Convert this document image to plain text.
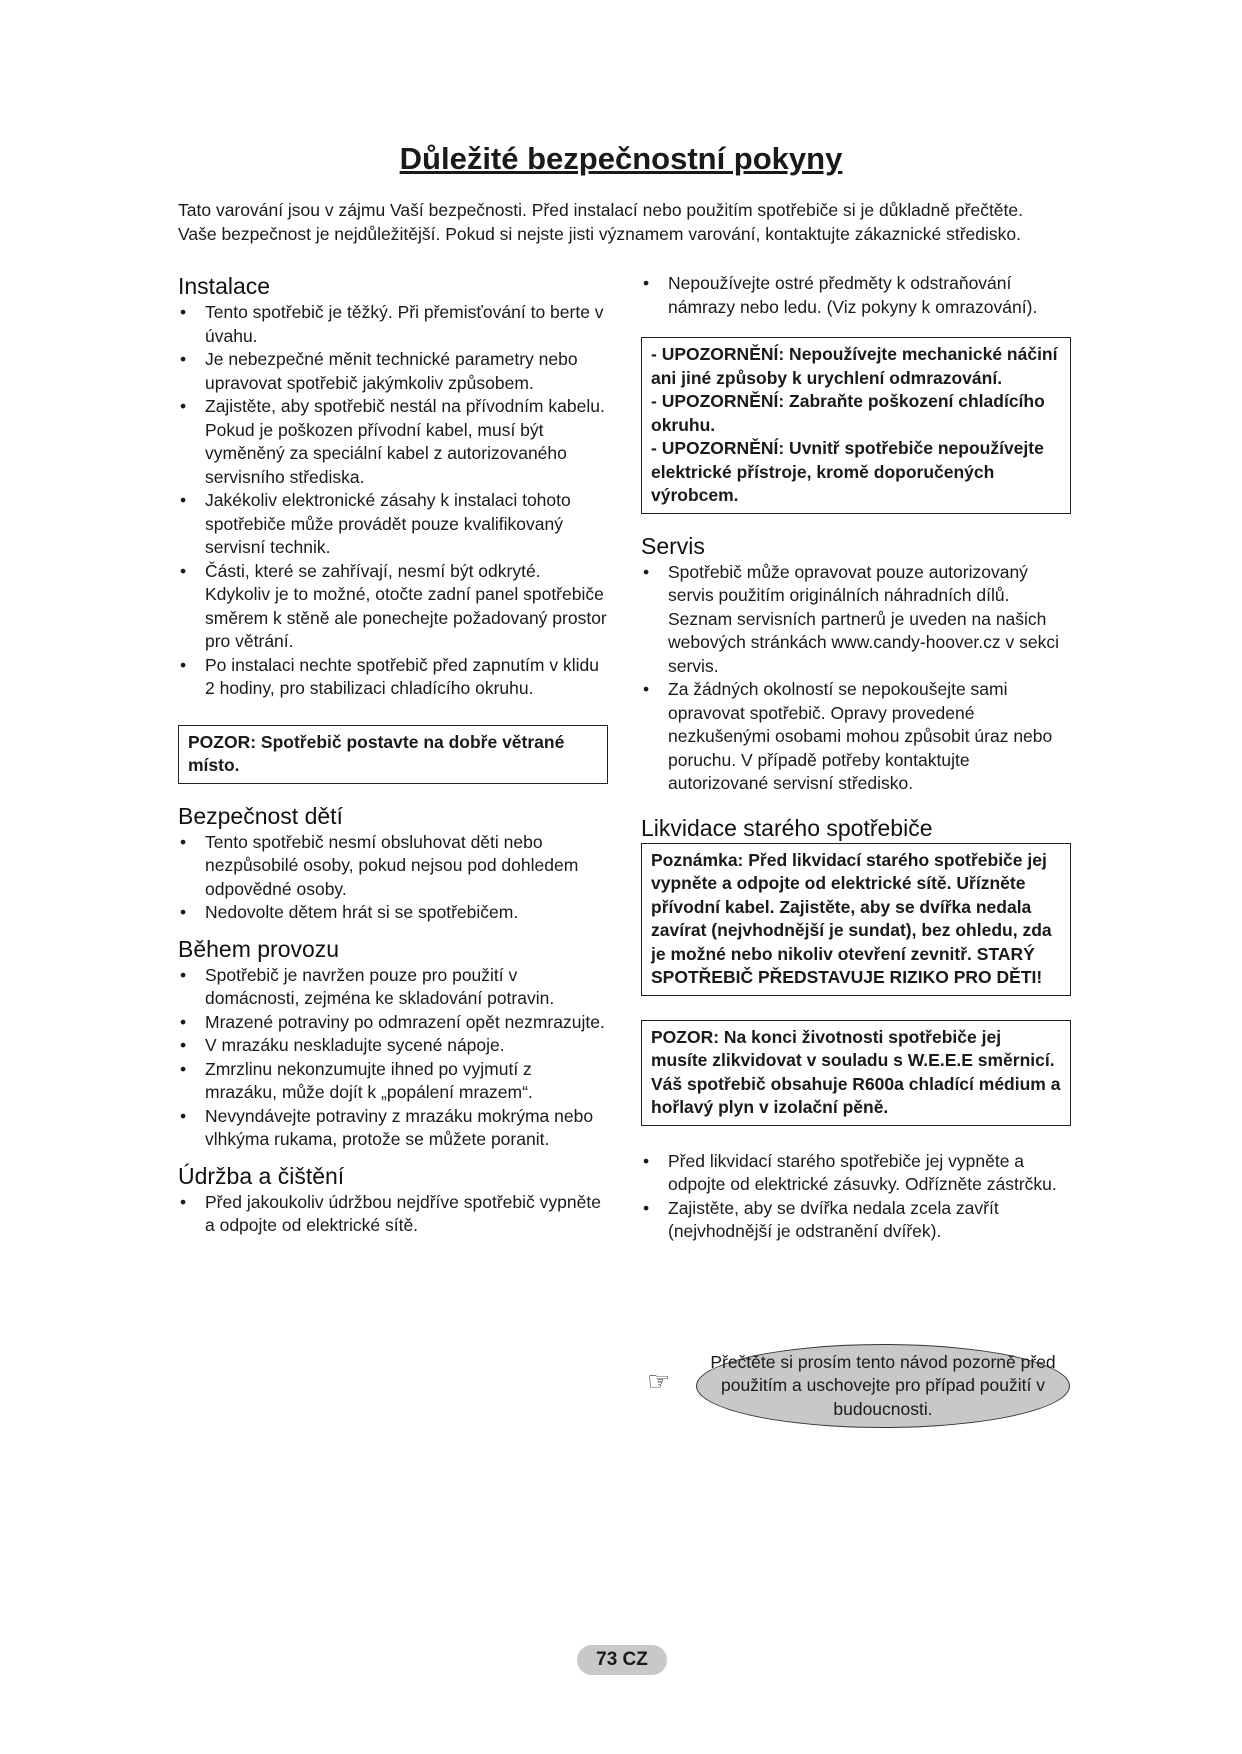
Důležité bezpečnostní pokyny
Tato varování jsou v zájmu Vaší bezpečnosti. Před instalací nebo použitím spotřebiče si je důkladně přečtěte. Vaše bezpečnost je nejdůležitější. Pokud si nejste jisti významem varování, kontaktujte zákaznické středisko.
Instalace
• Tento spotřebič je těžký. Při přemisťování to berte v úvahu.
• Je nebezpečné měnit technické parametry nebo upravovat spotřebič jakýmkoliv způsobem.
• Zajistěte, aby spotřebič nestál na přívodním kabelu. Pokud je poškozen přívodní kabel, musí být vyměněný za speciální kabel z autorizovaného servisního střediska.
• Jakékoliv elektronické zásahy k instalaci tohoto spotřebiče může provádět pouze kvalifikovaný servisní technik.
• Části, které se zahřívají, nesmí být odkryté. Kdykoliv je to možné, otočte zadní panel spotřebiče směrem k stěně ale ponechejte požadovaný prostor pro větrání.
• Po instalaci nechte spotřebič před zapnutím v klidu 2 hodiny, pro stabilizaci chladícího okruhu.
POZOR: Spotřebič postavte na dobře větrané místo.
Bezpečnost dětí
• Tento spotřebič nesmí obsluhovat děti nebo nezpůsobilé osoby, pokud nejsou pod dohledem odpovědné osoby.
• Nedovolte dětem hrát si se spotřebičem.
Během provozu
• Spotřebič je navržen pouze pro použití v domácnosti, zejména ke skladování potravin.
• Mrazené potraviny po odmrazení opět nezmrazujte.
• V mrazáku neskladujte sycené nápoje.
• Zmrzlinu nekonzumujte ihned po vyjmutí z mrazáku, může dojít k „popálení mrazem“.
• Nevyndávejte potraviny z mrazáku mokrýma nebo vlhkýma rukama, protože se můžete poranit.
Údržba a čištění
• Před jakoukoliv údržbou nejdříve spotřebič vypněte a odpojte od elektrické sítě.
• Nepoužívejte ostré předměty k odstraňování námrazy nebo ledu. (Viz pokyny k omrazování).
- UPOZORNĚNÍ: Nepoužívejte mechanické náčiní ani jiné způsoby k urychlení odmrazování.
- UPOZORNĚNÍ: Zabraňte poškození chladícího okruhu.
- UPOZORNĚNÍ: Uvnitř spotřebiče nepoužívejte elektrické přístroje, kromě doporučených výrobcem.
Servis
• Spotřebič může opravovat pouze autorizovaný servis použitím originálních náhradních dílů. Seznam servisních partnerů je uveden na našich webových stránkách www.candy-hoover.cz v sekci servis.
• Za žádných okolností se nepokoušejte sami opravovat spotřebič. Opravy provedené nezkušenými osobami mohou způsobit úraz nebo poruchu. V případě potřeby kontaktujte autorizované servisní středisko.
Likvidace starého spotřebiče
Poznámka: Před likvidací starého spotřebiče jej vypněte a odpojte od elektrické sítě. Uřízněte přívodní kabel. Zajistěte, aby se dvířka nedala zavírat (nejvhodnější je sundat), bez ohledu, zda je možné nebo nikoliv otevření zevnitř. STARÝ SPOTŘEBIČ PŘEDSTAVUJE RIZIKO PRO DĚTI!
POZOR: Na konci životnosti spotřebiče jej musíte zlikvidovat v souladu s W.E.E.E směrnicí. Váš spotřebič obsahuje R600a chladící médium a hořlavý plyn v izolační pěně.
• Před likvidací starého spotřebiče jej vypněte a odpojte od elektrické zásuvky. Odřízněte zástrčku.
• Zajistěte, aby se dvířka nedala zcela zavřít (nejvhodnější je odstranění dvířek).
☞
Přečtěte si prosím tento návod pozorně před použitím a uschovejte pro případ použití v budoucnosti.
73 CZ
